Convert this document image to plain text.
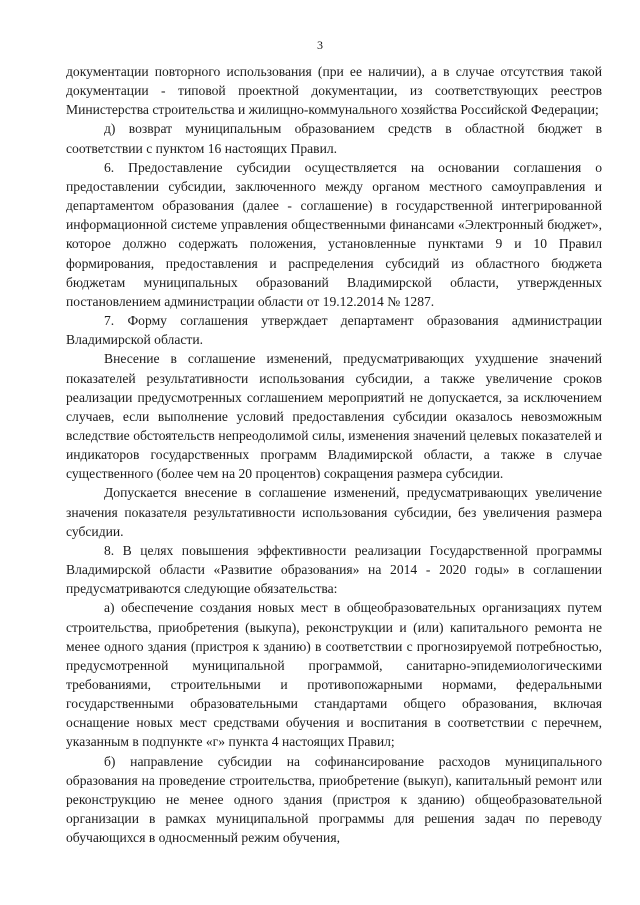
3

документации повторного использования (при ее наличии), а в случае отсутствия такой документации - типовой проектной документации, из соответствующих реестров Министерства строительства и жилищно-коммунального хозяйства Российской Федерации;

д) возврат муниципальным образованием средств в областной бюджет в соответствии с пунктом 16 настоящих Правил.

6. Предоставление субсидии осуществляется на основании соглашения о предоставлении субсидии, заключенного между органом местного самоуправления и департаментом образования (далее - соглашение) в государственной интегрированной информационной системе управления общественными финансами «Электронный бюджет», которое должно содержать положения, установленные пунктами 9 и 10 Правил формирования, предоставления и распределения субсидий из областного бюджета бюджетам муниципальных образований Владимирской области, утвержденных постановлением администрации области от 19.12.2014 № 1287.

7. Форму соглашения утверждает департамент образования администрации Владимирской области.

Внесение в соглашение изменений, предусматривающих ухудшение значений показателей результативности использования субсидии, а также увеличение сроков реализации предусмотренных соглашением мероприятий не допускается, за исключением случаев, если выполнение условий предоставления субсидии оказалось невозможным вследствие обстоятельств непреодолимой силы, изменения значений целевых показателей и индикаторов государственных программ Владимирской области, а также в случае существенного (более чем на 20 процентов) сокращения размера субсидии.

Допускается внесение в соглашение изменений, предусматривающих увеличение значения показателя результативности использования субсидии, без увеличения размера субсидии.

8. В целях повышения эффективности реализации Государственной программы Владимирской области «Развитие образования» на 2014 - 2020 годы» в соглашении предусматриваются следующие обязательства:

а) обеспечение создания новых мест в общеобразовательных организациях путем строительства, приобретения (выкупа), реконструкции и (или) капитального ремонта не менее одного здания (пристроя к зданию) в соответствии с прогнозируемой потребностью, предусмотренной муниципальной программой, санитарно-эпидемиологическими требованиями, строительными и противопожарными нормами, федеральными государственными образовательными стандартами общего образования, включая оснащение новых мест средствами обучения и воспитания в соответствии с перечнем, указанным в подпункте «г» пункта 4 настоящих Правил;

б) направление субсидии на софинансирование расходов муниципального образования на проведение строительства, приобретение (выкуп), капитальный ремонт или реконструкцию не менее одного здания (пристроя к зданию) общеобразовательной организации в рамках муниципальной программы для решения задач по переводу обучающихся в односменный режим обучения,
